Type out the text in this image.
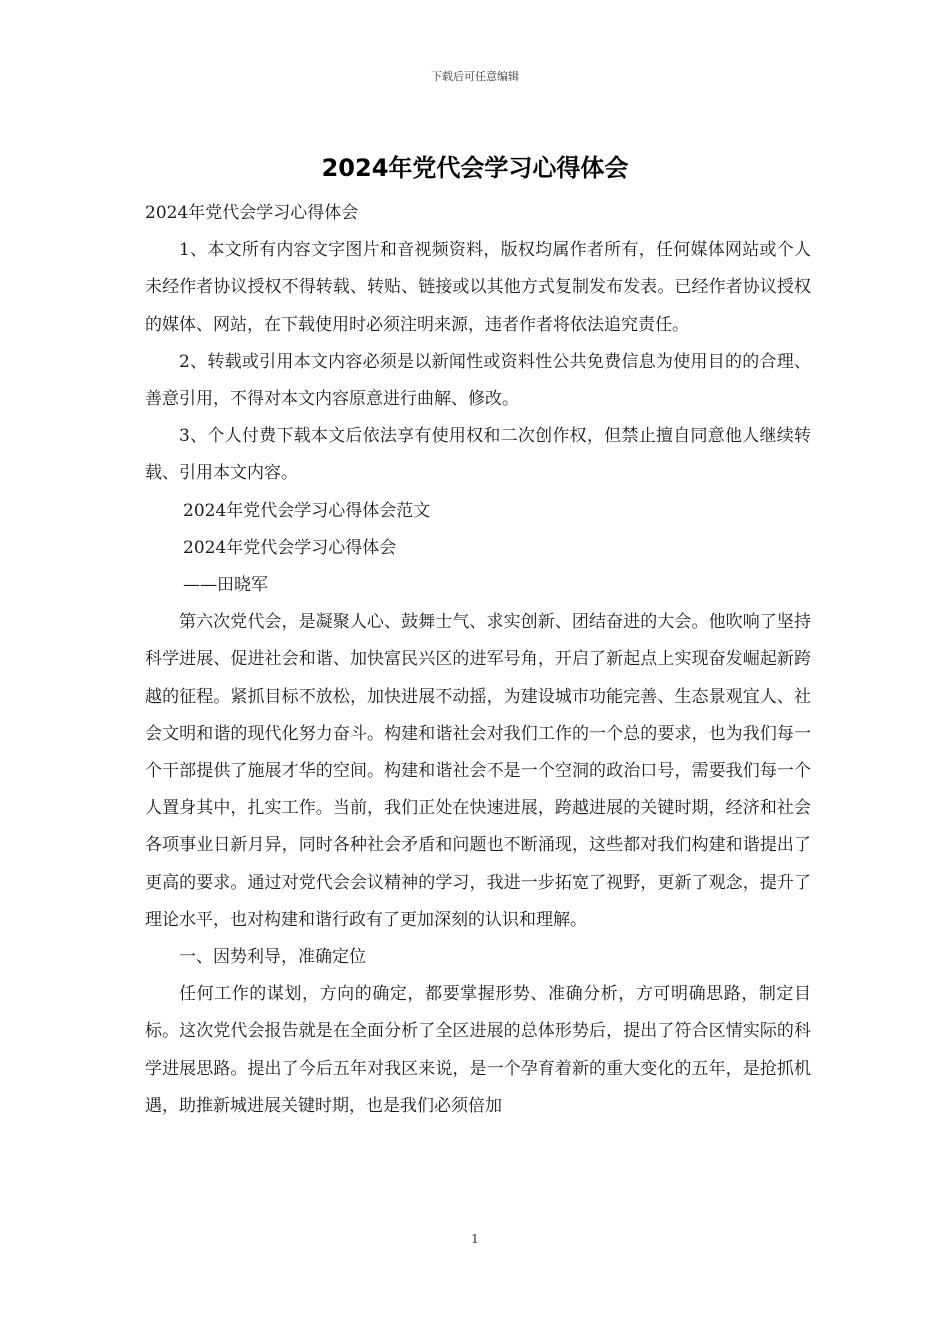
下载后可任意编辑
2024年党代会学习心得体会

2024年党代会学习心得体会

1、本文所有内容文字图片和音视频资料，版权均属作者所有，任何媒体网站或个人未经作者协议授权不得转载、转贴、链接或以其他方式复制发布发表。已经作者协议授权的媒体、网站，在下载使用时必须注明来源，违者作者将依法追究责任。

2、转载或引用本文内容必须是以新闻性或资料性公共免费信息为使用目的的合理、善意引用，不得对本文内容原意进行曲解、修改。

3、个人付费下载本文后依法享有使用权和二次创作权，但禁止擅自同意他人继续转载、引用本文内容。

2024年党代会学习心得体会范文

2024年党代会学习心得体会

——田晓军

第六次党代会，是凝聚人心、鼓舞士气、求实创新、团结奋进的大会。他吹响了坚持科学进展、促进社会和谐、加快富民兴区的进军号角，开启了新起点上实现奋发崛起新跨越的征程。紧抓目标不放松，加快进展不动摇，为建设城市功能完善、生态景观宜人、社会文明和谐的现代化努力奋斗。构建和谐社会对我们工作的一个总的要求，也为我们每一个干部提供了施展才华的空间。构建和谐社会不是一个空洞的政治口号，需要我们每一个人置身其中，扎实工作。当前，我们正处在快速进展，跨越进展的关键时期，经济和社会各项事业日新月异，同时各种社会矛盾和问题也不断涌现，这些都对我们构建和谐提出了更高的要求。通过对党代会会议精神的学习，我进一步拓宽了视野，更新了观念，提升了理论水平，也对构建和谐行政有了更加深刻的认识和理解。

一、因势利导，准确定位

任何工作的谋划，方向的确定，都要掌握形势、准确分析，方可明确思路，制定目标。这次党代会报告就是在全面分析了全区进展的总体形势后，提出了符合区情实际的科学进展思路。提出了今后五年对我区来说，是一个孕育着新的重大变化的五年，是抢抓机遇，助推新城进展关键时期，也是我们必须倍加

1
